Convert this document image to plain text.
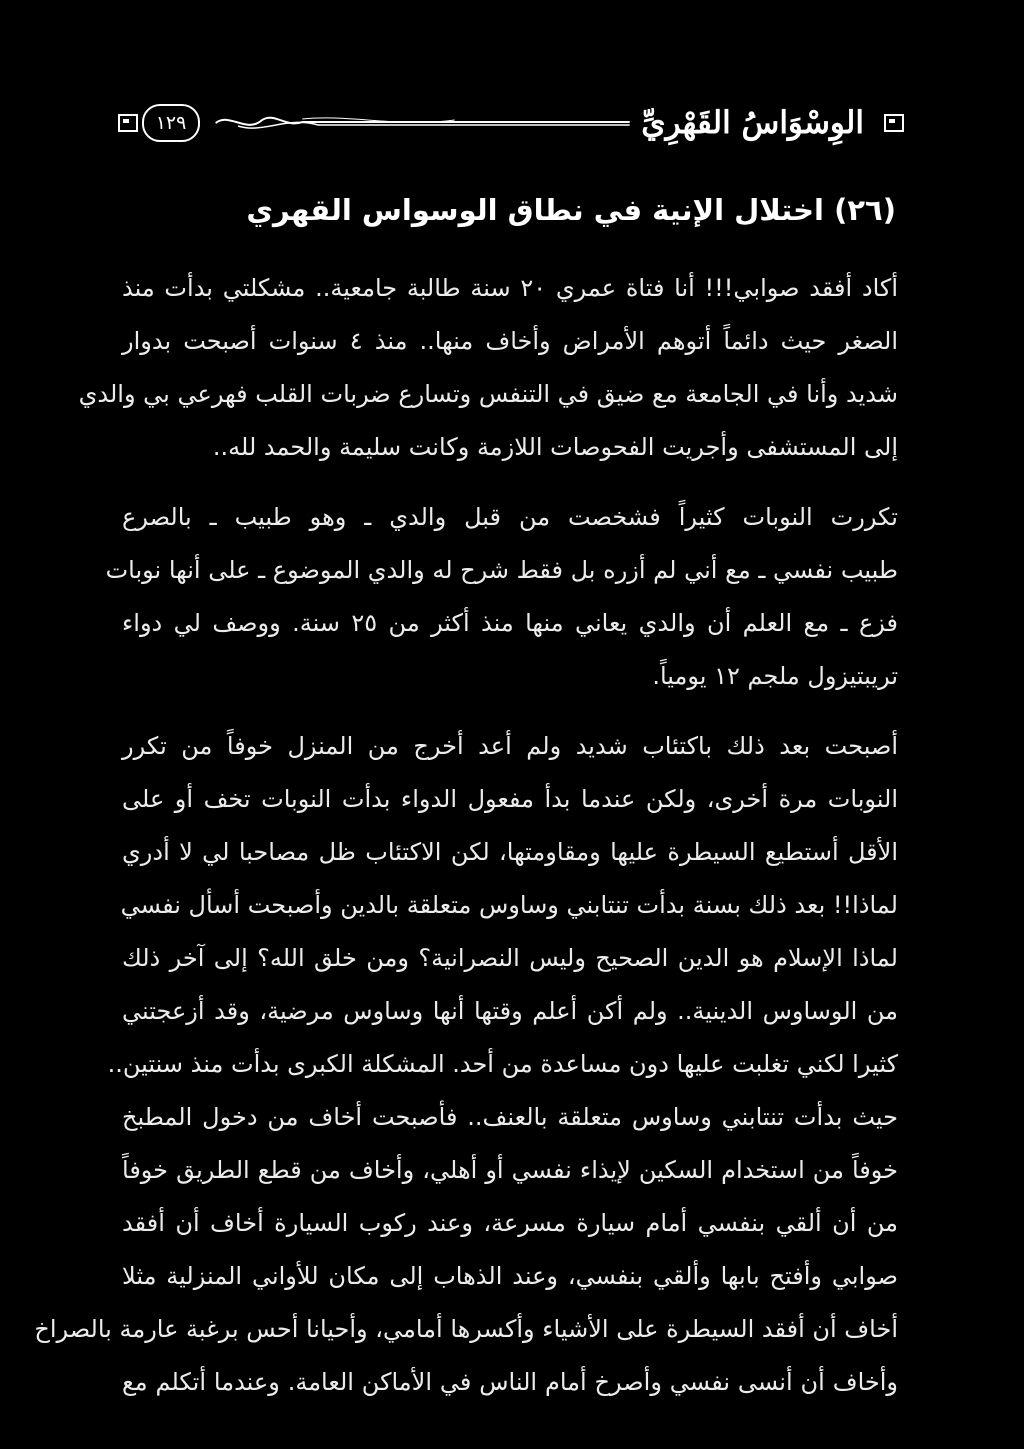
١٢٩	الوِسْوَاسُ القَهْرِيِّ
(٢٦) اختلال الإنية في نطاق الوسواس القهري

أكاد أفقد صوابي!!! أنا فتاة عمري ٢٠ سنة طالبة جامعية.. مشكلتي بدأت منذ
الصغر حيث دائماً أتوهم الأمراض وأخاف منها.. منذ ٤ سنوات أصبحت بدوار
شديد وأنا في الجامعة مع ضيق في التنفس وتسارع ضربات القلب فهرعي بي والدي
إلى المستشفى وأجريت الفحوصات اللازمة وكانت سليمة والحمد لله..

تكررت النوبات كثيراً فشخصت من قبل والدي ـ وهو طبيب ـ بالصرع
طبيب نفسي ـ مع أني لم أزره بل فقط شرح له والدي الموضوع ـ على أنها نوبات
فزع ـ مع العلم أن والدي يعاني منها منذ أكثر من ٢٥ سنة. ووصف لي دواء
تريبتيزول ملجم ١٢ يومياً.

أصبحت بعد ذلك باكتئاب شديد ولم أعد أخرج من المنزل خوفاً من تكرر
النوبات مرة أخرى، ولكن عندما بدأ مفعول الدواء بدأت النوبات تخف أو على
الأقل أستطيع السيطرة عليها ومقاومتها، لكن الاكتئاب ظل مصاحبا لي لا أدري
لماذا!! بعد ذلك بسنة بدأت تنتابني وساوس متعلقة بالدين وأصبحت أسأل نفسي
لماذا الإسلام هو الدين الصحيح وليس النصرانية؟ ومن خلق الله؟ إلى آخر ذلك
من الوساوس الدينية.. ولم أكن أعلم وقتها أنها وساوس مرضية، وقد أزعجتني
كثيرا لكني تغلبت عليها دون مساعدة من أحد. المشكلة الكبرى بدأت منذ سنتين..
حيث بدأت تنتابني وساوس متعلقة بالعنف.. فأصبحت أخاف من دخول المطبخ
خوفاً من استخدام السكين لإيذاء نفسي أو أهلي، وأخاف من قطع الطريق خوفاً
من أن ألقي بنفسي أمام سيارة مسرعة، وعند ركوب السيارة أخاف أن أفقد
صوابي وأفتح بابها وألقي بنفسي، وعند الذهاب إلى مكان للأواني المنزلية مثلا
أخاف أن أفقد السيطرة على الأشياء وأكسرها أمامي، وأحيانا أحس برغبة عارمة بالصراخ
وأخاف أن أنسى نفسي وأصرخ أمام الناس في الأماكن العامة. وعندما أتكلم مع
